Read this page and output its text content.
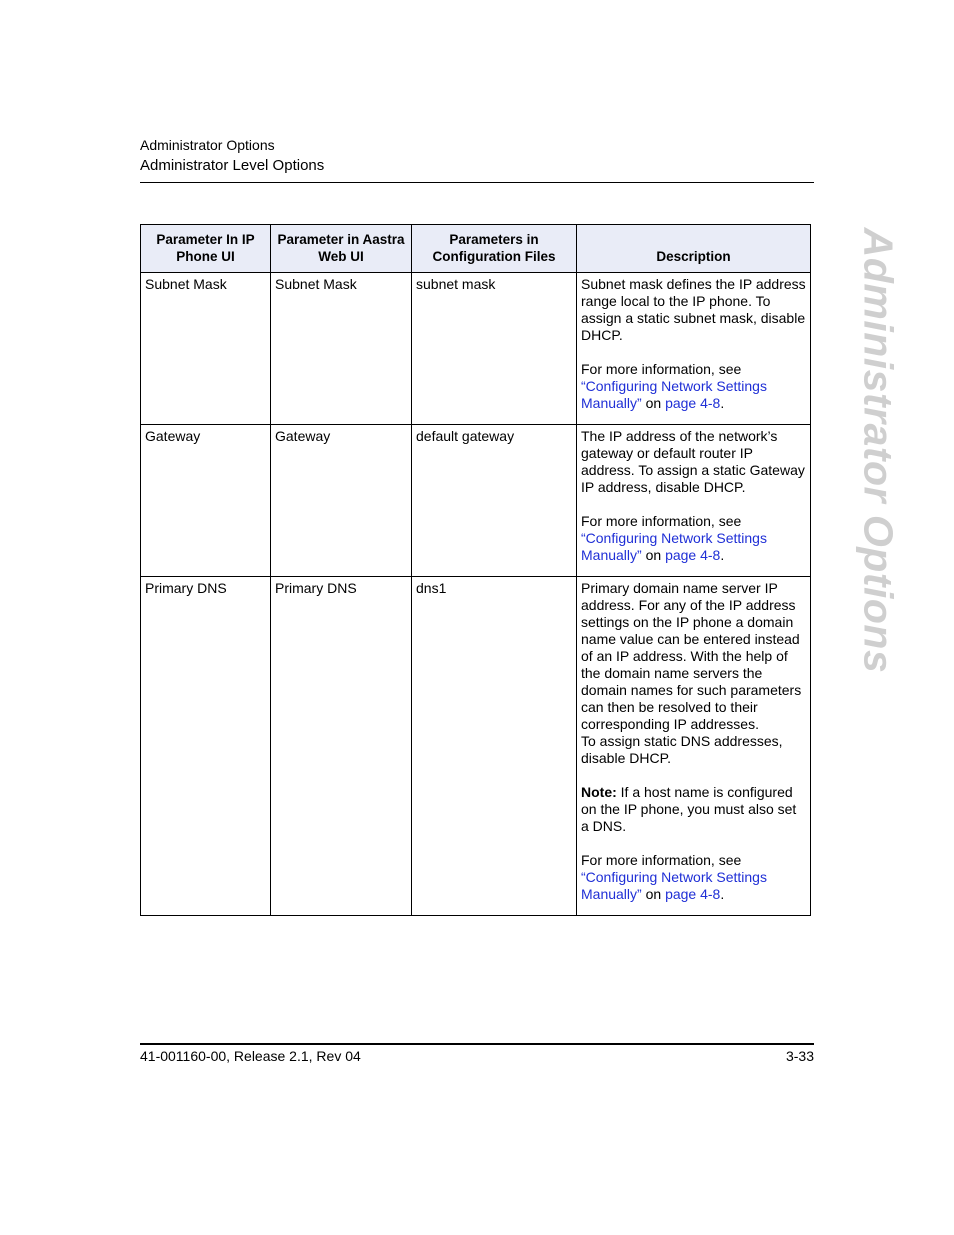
Administrator Options
Administrator Level Options
Administrator Options
Parameter In IP Phone UI	Parameter in Aastra Web UI	Parameters in Configuration Files	Description
Subnet Mask	Subnet Mask	subnet mask	Subnet mask defines the IP address range local to the IP phone. To assign a static subnet mask, disable DHCP.

For more information, see “Configuring Network Settings Manually” on page 4-8.

Gateway	Gateway	default gateway	The IP address of the network’s gateway or default router IP address. To assign a static Gateway IP address, disable DHCP.

For more information, see “Configuring Network Settings Manually” on page 4-8.

Primary DNS	Primary DNS	dns1	Primary domain name server IP address. For any of the IP address settings on the IP phone a domain name value can be entered instead of an IP address. With the help of the domain name servers the domain names for such parameters can then be resolved to their corresponding IP addresses.

To assign static DNS addresses, disable DHCP.

Note: If a host name is configured on the IP phone, you must also set a DNS.

For more information, see “Configuring Network Settings Manually” on page 4-8.

41-001160-00, Release 2.1, Rev 04	3-33
